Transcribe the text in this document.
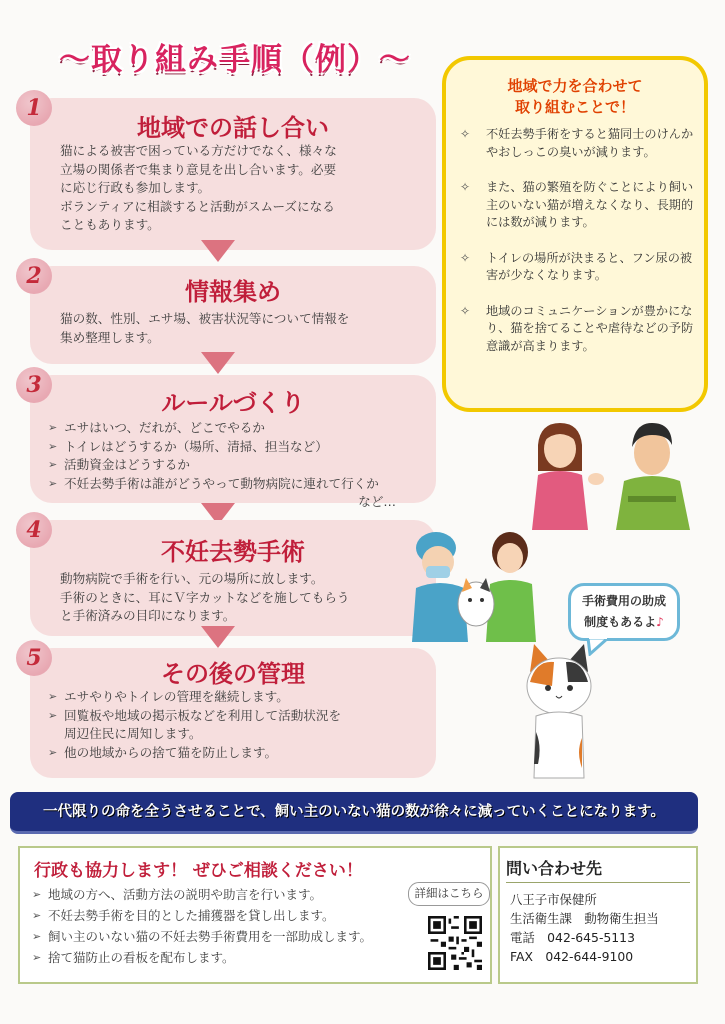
〜取り組み手順（例）〜
1
地域での話し合い
猫による被害で困っている方だけでなく、様々な
立場の関係者で集まり意見を出し合います。必要
に応じ行政も参加します。
ボランティアに相談すると活動がスムーズになる
こともあります。
2
情報集め
猫の数、性別、エサ場、被害状況等について情報を
集め整理します。
3
ルールづくり
➢ エサはいつ、だれが、どこでやるか
➢ トイレはどうするか（場所、清掃、担当など）
➢ 活動資金はどうするか
➢ 不妊去勢手術は誰がどうやって動物病院に連れて行くか
など…
4
不妊去勢手術
動物病院で手術を行い、元の場所に放します。
手術のときに、耳にＶ字カットなどを施してもらう
と手術済みの目印になります。
5
その後の管理
➢ エサやりやトイレの管理を継続します。
➢ 回覧板や地域の掲示板などを利用して活動状況を
周辺住民に周知します。
➢ 他の地域からの捨て猫を防止します。
地域で力を合わせて
取り組むことで！
✧ 不妊去勢手術をすると猫同士のけんかやおしっこの臭いが減ります。
✧ また、猫の繁殖を防ぐことにより飼い主のいない猫が増えなくなり、長期的には数が減ります。
✧ トイレの場所が決まると、フン尿の被害が少なくなります。
✧ 地域のコミュニケーションが豊かになり、猫を捨てることや虐待などの予防意識が高まります。
手術費用の助成
制度もあるよ♪
一代限りの命を全うさせることで、飼い主のいない猫の数が徐々に減っていくことになります。
行政も協力します！ ぜひご相談ください！
➢ 地域の方へ、活動方法の説明や助言を行います。
➢ 不妊去勢手術を目的とした捕獲器を貸し出します。
➢ 飼い主のいない猫の不妊去勢手術費用を一部助成します。
➢ 捨て猫防止の看板を配布します。
詳細はこちら
問い合わせ先
八王子市保健所
生活衛生課　動物衛生担当
電話　042-645-5113
FAX　042-644-9100
